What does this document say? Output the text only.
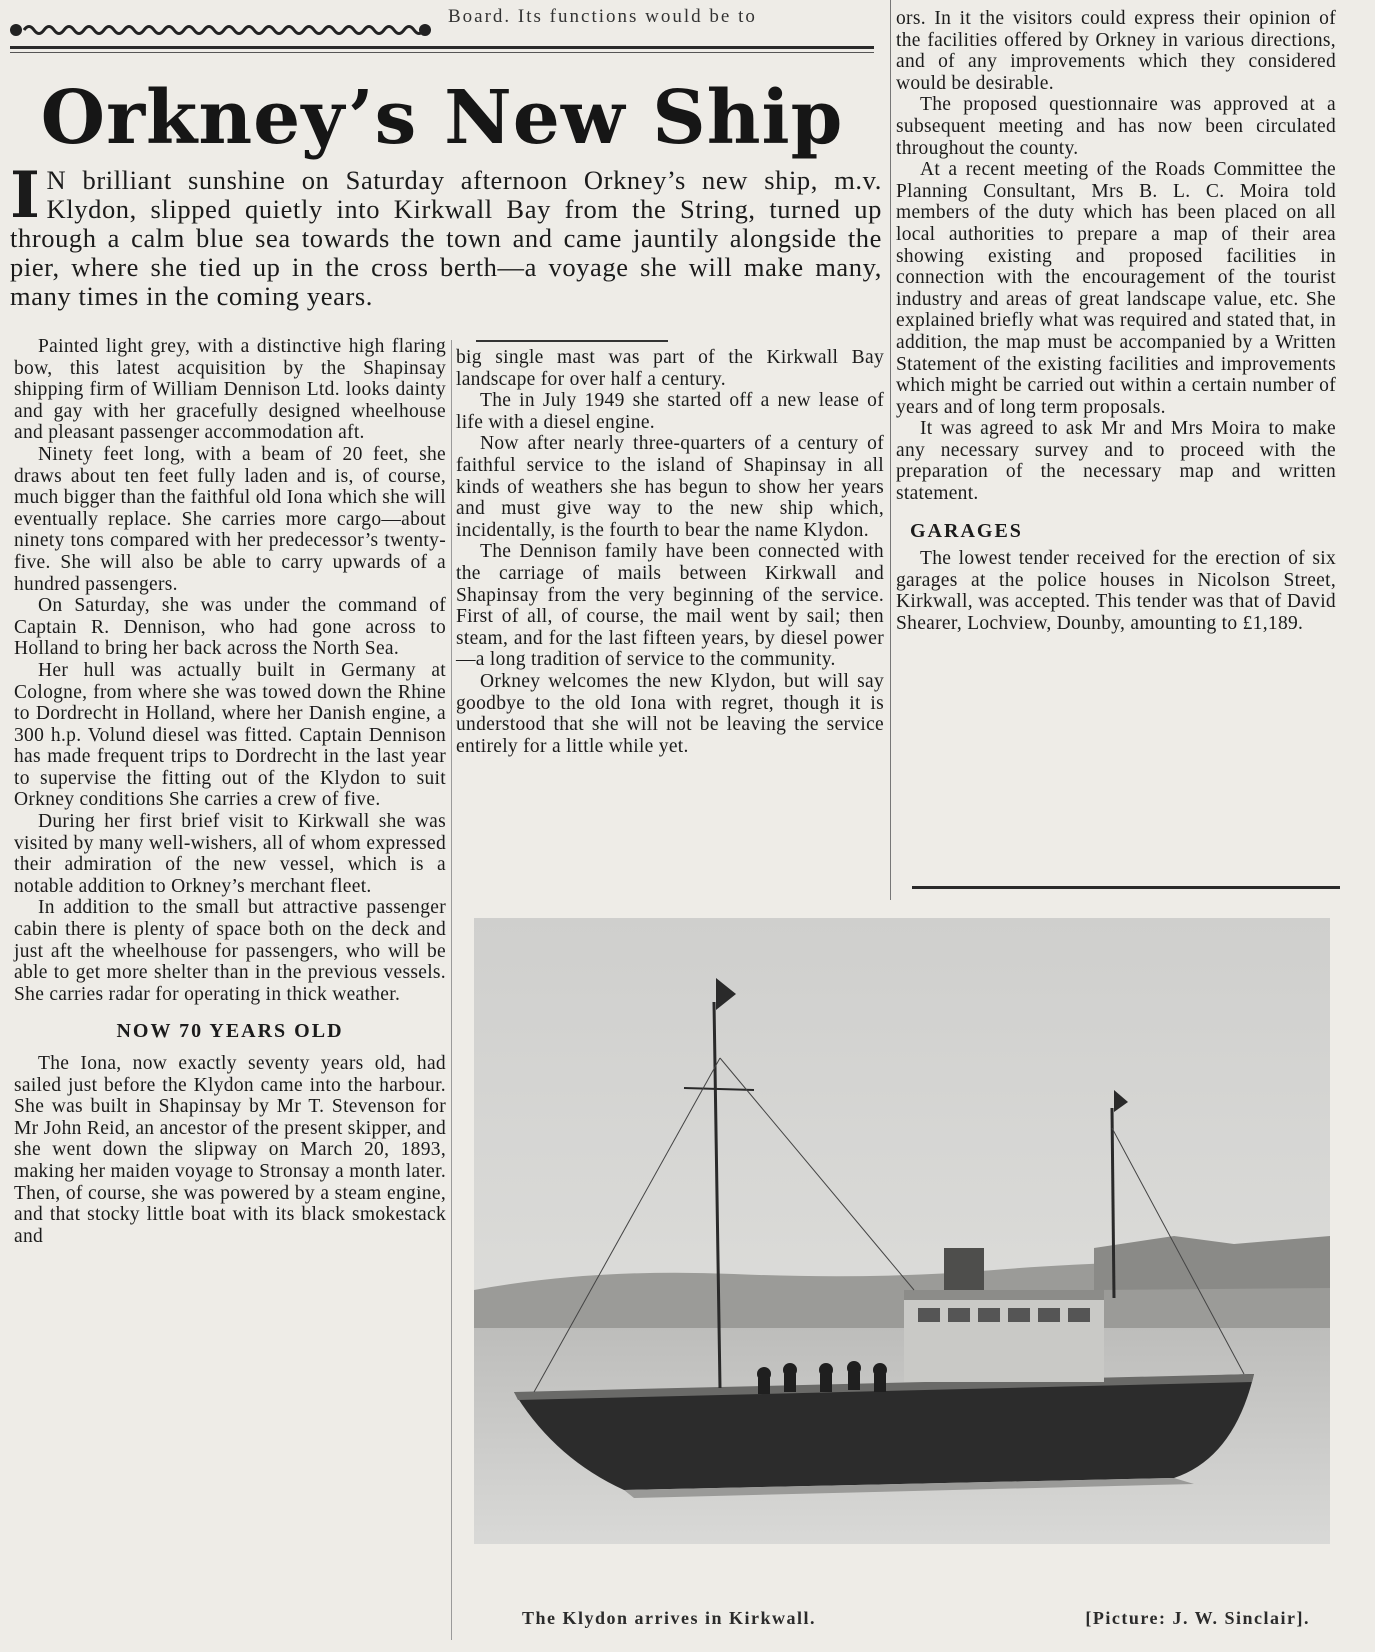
Board. Its functions would be to
Orkney’s New Ship

I N brilliant sunshine on Saturday afternoon Orkney’s new ship, m.v. Klydon, slipped quietly into Kirkwall Bay from the String, turned up through a calm blue sea towards the town and came jauntily alongside the pier, where she tied up in the cross berth—a voyage she will make many, many times in the coming years.

Painted light grey, with a distinctive high flaring bow, this latest acquisition by the Shapinsay shipping firm of William Dennison Ltd. looks dainty and gay with her gracefully designed wheelhouse and pleasant passenger accommodation aft.

Ninety feet long, with a beam of 20 feet, she draws about ten feet fully laden and is, of course, much bigger than the faithful old Iona which she will eventually replace. She carries more cargo—about ninety tons compared with her predecessor’s twenty-five. She will also be able to carry upwards of a hundred passengers.

On Saturday, she was under the command of Captain R. Dennison, who had gone across to Holland to bring her back across the North Sea.

Her hull was actually built in Germany at Cologne, from where she was towed down the Rhine to Dordrecht in Holland, where her Danish engine, a 300 h.p. Volund diesel was fitted. Captain Dennison has made frequent trips to Dordrecht in the last year to supervise the fitting out of the Klydon to suit Orkney conditions She carries a crew of five.

During her first brief visit to Kirkwall she was visited by many well-wishers, all of whom expressed their admiration of the new vessel, which is a notable addition to Orkney’s merchant fleet.

In addition to the small but attractive passenger cabin there is plenty of space both on the deck and just aft the wheelhouse for passengers, who will be able to get more shelter than in the previous vessels. She carries radar for operating in thick weather.

NOW 70 YEARS OLD

The Iona, now exactly seventy years old, had sailed just before the Klydon came into the harbour. She was built in Shapinsay by Mr T. Stevenson for Mr John Reid, an ancestor of the present skipper, and she went down the slipway on March 20, 1893, making her maiden voyage to Stronsay a month later. Then, of course, she was powered by a steam engine, and that stocky little boat with its black smokestack and

big single mast was part of the Kirkwall Bay landscape for over half a century.

The in July 1949 she started off a new lease of life with a diesel engine.

Now after nearly three-quarters of a century of faithful service to the island of Shapinsay in all kinds of weathers she has begun to show her years and must give way to the new ship which, incidentally, is the fourth to bear the name Klydon.

The Dennison family have been connected with the carriage of mails between Kirkwall and Shapinsay from the very beginning of the service. First of all, of course, the mail went by sail; then steam, and for the last fifteen years, by diesel power—a long tradition of service to the community.

Orkney welcomes the new Klydon, but will say goodbye to the old Iona with regret, though it is understood that she will not be leaving the service entirely for a little while yet.

ors. In it the visitors could express their opinion of the facilities offered by Orkney in various directions, and of any improvements which they considered would be desirable.

The proposed questionnaire was approved at a subsequent meeting and has now been circulated throughout the county.

At a recent meeting of the Roads Committee the Planning Consultant, Mrs B. L. C. Moira told members of the duty which has been placed on all local authorities to prepare a map of their area showing existing and proposed facilities in connection with the encouragement of the tourist industry and areas of great landscape value, etc. She explained briefly what was required and stated that, in addition, the map must be accompanied by a Written Statement of the existing facilities and improvements which might be carried out within a certain number of years and of long term proposals.

It was agreed to ask Mr and Mrs Moira to make any necessary survey and to proceed with the preparation of the necessary map and written statement.

GARAGES

The lowest tender received for the erection of six garages at the police houses in Nicolson Street, Kirkwall, was accepted. This tender was that of David Shearer, Lochview, Dounby, amounting to £1,189.

The Klydon arrives in Kirkwall.	[Picture: J. W. Sinclair].
